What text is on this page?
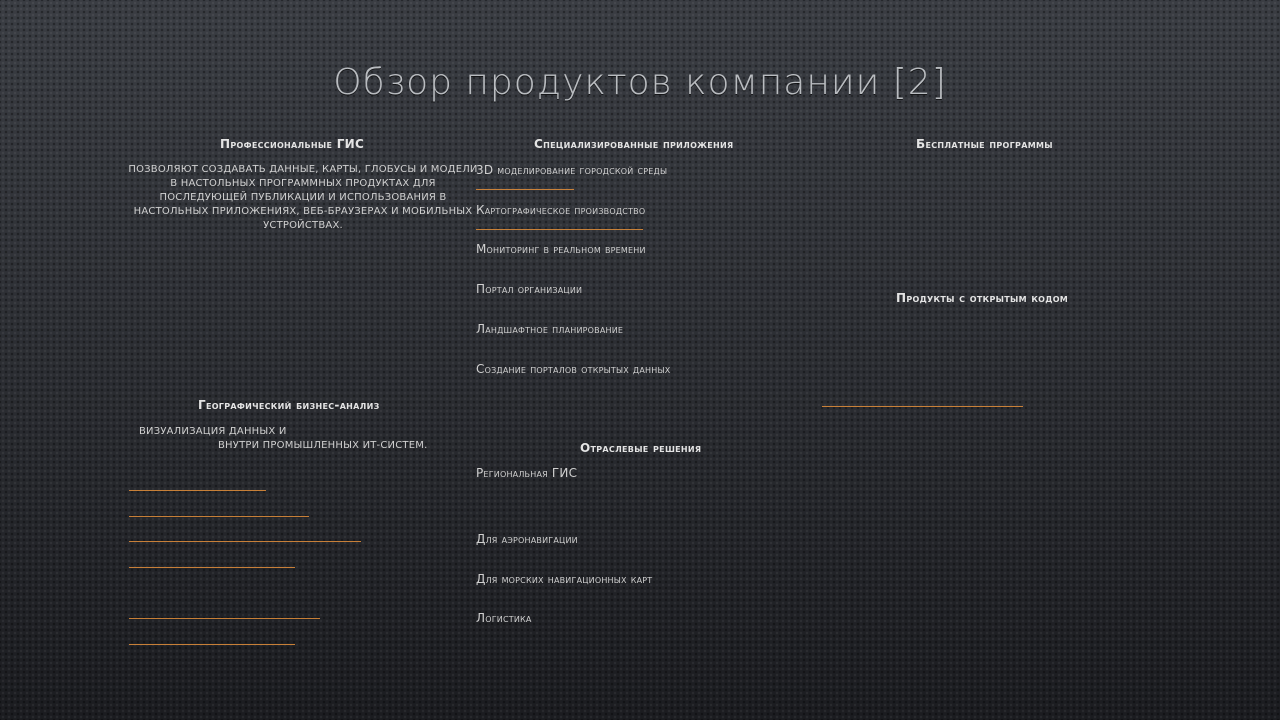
Обзор продуктов компании [2]
Профессиональные ГИС
ПОЗВОЛЯЮТ СОЗДАВАТЬ ДАННЫЕ, КАРТЫ, ГЛОБУСЫ И МОДЕЛИ В НАСТОЛЬНЫХ ПРОГРАММНЫХ ПРОДУКТАХ ДЛЯ ПОСЛЕДУЮЩЕЙ ПУБЛИКАЦИИ И ИСПОЛЬЗОВАНИЯ В НАСТОЛЬНЫХ ПРИЛОЖЕНИЯХ, ВЕБ-БРАУЗЕРАХ И МОБИЛЬНЫХ УСТРОЙСТВАХ.
Географический бизнес-анализ
ВИЗУАЛИЗАЦИЯ ДАННЫХ И
ВНУТРИ ПРОМЫШЛЕННЫХ ИТ-СИСТЕМ.
Специализированные приложения
3D моделирование городской среды
Картографическое производство
Мониторинг в реальном времени
Портал организации
Ландшафтное планирование
Создание порталов открытых данных
Отраслевые решения
Региональная ГИС
Для аэронавигации
Для морских навигационных карт
Логистика
Бесплатные программы
Продукты с открытым кодом
